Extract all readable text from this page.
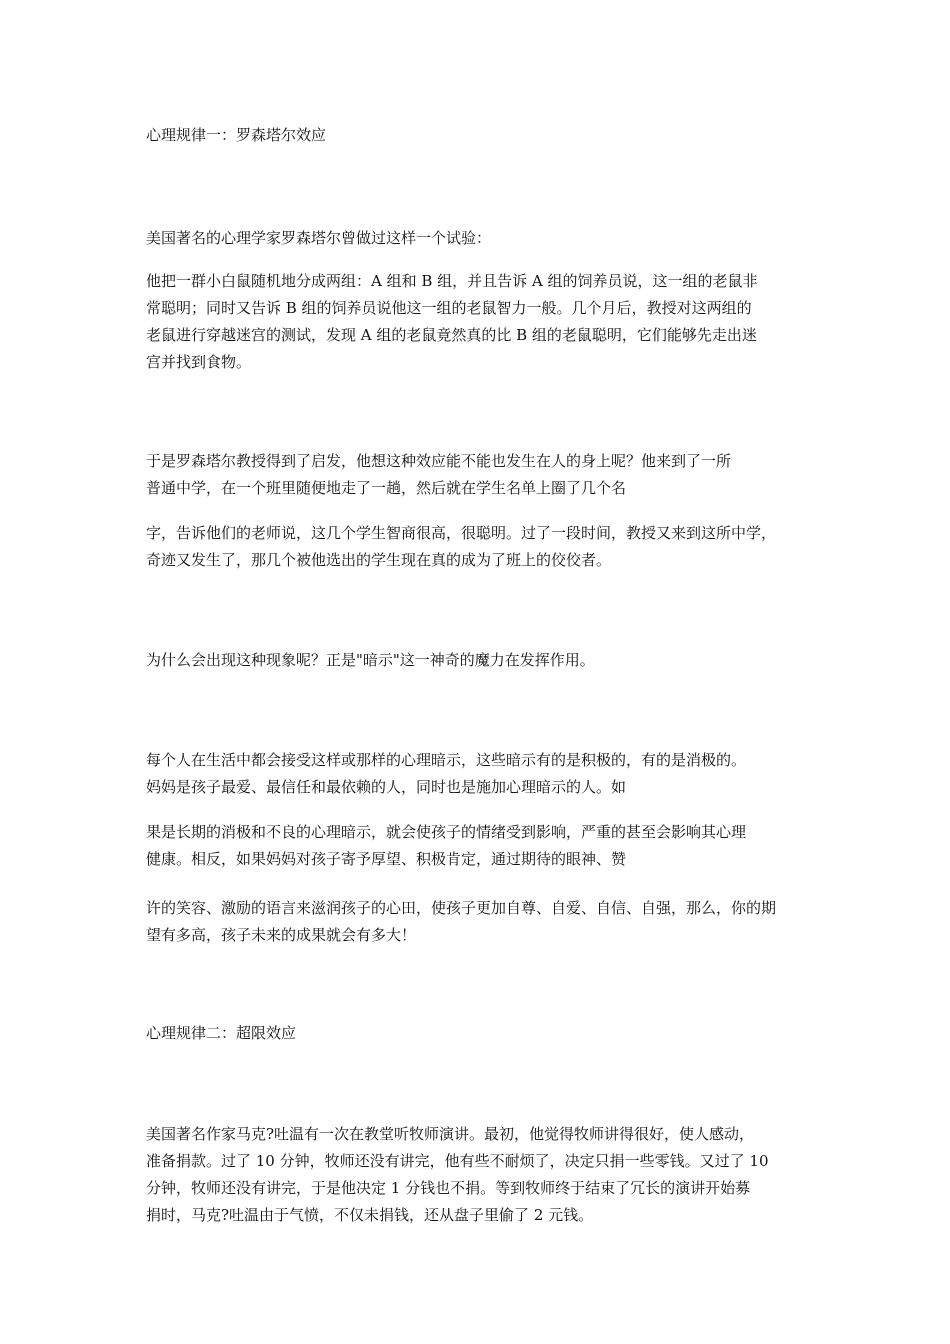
心理规律一：罗森塔尔效应

美国著名的心理学家罗森塔尔曾做过这样一个试验：

他把一群小白鼠随机地分成两组：A 组和 B 组，并且告诉 A 组的饲养员说，这一组的老鼠非

常聪明；同时又告诉 B 组的饲养员说他这一组的老鼠智力一般。几个月后，教授对这两组的

老鼠进行穿越迷宫的测试，发现 A 组的老鼠竟然真的比 B 组的老鼠聪明，它们能够先走出迷

宫并找到食物。

于是罗森塔尔教授得到了启发，他想这种效应能不能也发生在人的身上呢？他来到了一所

普通中学，在一个班里随便地走了一趟，然后就在学生名单上圈了几个名

字，告诉他们的老师说，这几个学生智商很高，很聪明。过了一段时间，教授又来到这所中学，

奇迹又发生了，那几个被他选出的学生现在真的成为了班上的佼佼者。

为什么会出现这种现象呢？正是"暗示"这一神奇的魔力在发挥作用。

每个人在生活中都会接受这样或那样的心理暗示，这些暗示有的是积极的，有的是消极的。

妈妈是孩子最爱、最信任和最依赖的人，同时也是施加心理暗示的人。如

果是长期的消极和不良的心理暗示，就会使孩子的情绪受到影响，严重的甚至会影响其心理

健康。相反，如果妈妈对孩子寄予厚望、积极肯定，通过期待的眼神、赞

许的笑容、激励的语言来滋润孩子的心田，使孩子更加自尊、自爱、自信、自强，那么，你的期

望有多高，孩子未来的成果就会有多大！

心理规律二：超限效应

美国著名作家马克?吐温有一次在教堂听牧师演讲。最初，他觉得牧师讲得很好，使人感动，

准备捐款。过了 10 分钟，牧师还没有讲完，他有些不耐烦了，决定只捐一些零钱。又过了 10

分钟，牧师还没有讲完，于是他决定 1 分钱也不捐。等到牧师终于结束了冗长的演讲开始募

捐时，马克?吐温由于气愤，不仅未捐钱，还从盘子里偷了 2 元钱。
